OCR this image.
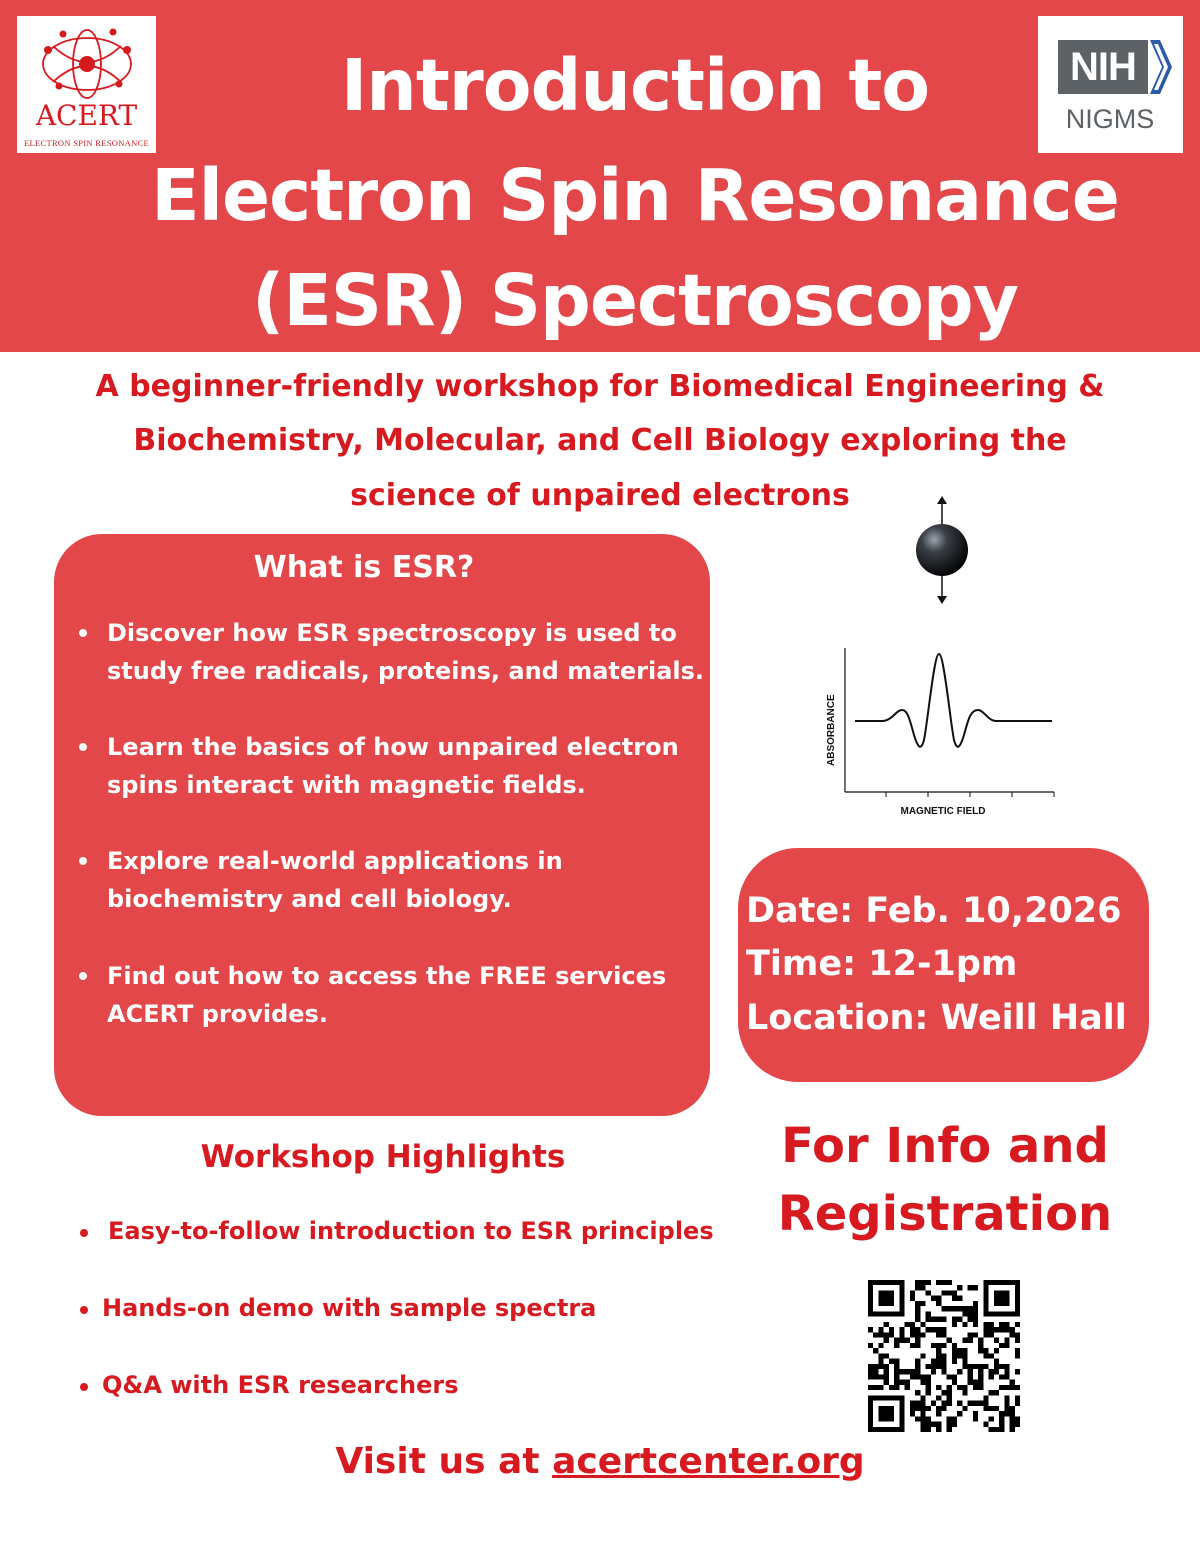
Introduction to
Electron Spin Resonance
(ESR) Spectroscopy
ACERT
ELECTRON SPIN RESONANCE
NIH
NIGMS
A beginner-friendly workshop for Biomedical Engineering &
Biochemistry, Molecular, and Cell Biology exploring the
science of unpaired electrons
What is ESR?
Discover how ESR spectroscopy is used to
study free radicals, proteins, and materials.
Learn the basics of how unpaired electron
spins interact with magnetic fields.
Explore real-world applications in
biochemistry and cell biology.
Find out how to access the FREE services
ACERT provides.
ABSORBANCE
MAGNETIC FIELD
Date: Feb. 10,2026
Time: 12-1pm
Location: Weill Hall
Workshop Highlights
Easy-to-follow introduction to ESR principles
Hands-on demo with sample spectra
Q&A with ESR researchers
For Info and
Registration
Visit us at acertcenter.org
